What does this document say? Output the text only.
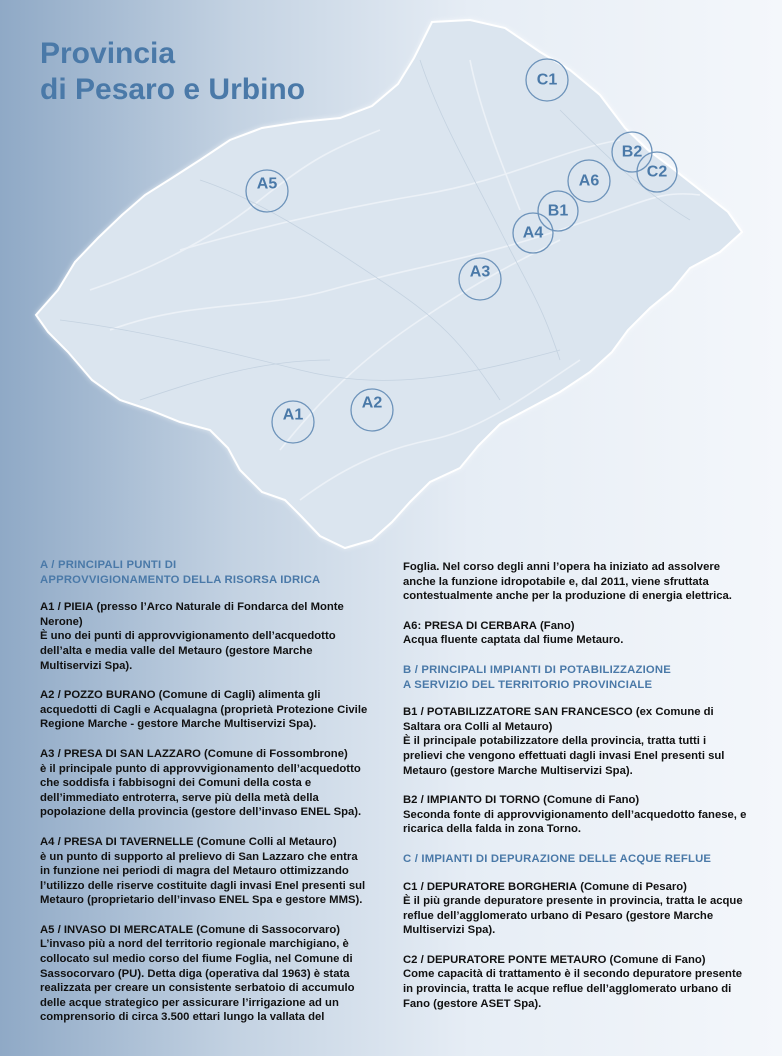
C1
B2
C2
A6
B1
A4
A5
A3
A1
A2
Provincia
di Pesaro e Urbino
A / PRINCIPALI PUNTI DI
APPROVVIGIONAMENTO DELLA RISORSA IDRICA

A1 / PIEIA (presso l’Arco Naturale di Fondarca del Monte Nerone)

È uno dei punti di approvvigionamento dell’acquedotto dell’alta e media valle del Metauro (gestore Marche Multiservizi Spa).

A2 / POZZO BURANO (Comune di Cagli) alimenta gli acquedotti di Cagli e Acqualagna (proprietà Protezione Civile Regione Marche - gestore Marche Multiservizi Spa).

A3 / PRESA DI SAN LAZZARO (Comune di Fossombrone)

è il principale punto di approvvigionamento dell’acquedotto che soddisfa i fabbisogni dei Comuni della costa e dell’immediato entroterra, serve più della metà della popolazione della provincia (gestore dell’invaso ENEL Spa).

A4 / PRESA DI TAVERNELLE (Comune Colli al Metauro)

è un punto di supporto al prelievo di San Lazzaro che entra in funzione nei periodi di magra del Metauro ottimizzando l’utilizzo delle riserve costituite dagli invasi Enel presenti sul Metauro (proprietario dell’invaso ENEL Spa e gestore MMS).

A5 / INVASO DI MERCATALE (Comune di Sassocorvaro)

L’invaso più a nord del territorio regionale marchigiano, è collocato sul medio corso del fiume Foglia, nel Comune di Sassocorvaro (PU). Detta diga (operativa dal 1963) è stata realizzata per creare un consistente serbatoio di accumulo delle acque strategico per assicurare l’irrigazione ad un comprensorio di circa 3.500 ettari lungo la vallata del

Foglia. Nel corso degli anni l’opera ha iniziato ad assolvere anche la funzione idropotabile e, dal 2011, viene sfruttata contestualmente anche per la produzione di energia elettrica.

A6: PRESA DI CERBARA (Fano)

Acqua fluente captata dal fiume Metauro.

B / PRINCIPALI IMPIANTI DI POTABILIZZAZIONE
A SERVIZIO DEL TERRITORIO PROVINCIALE

B1 / POTABILIZZATORE SAN FRANCESCO (ex Comune di Saltara ora Colli al Metauro)

È il principale potabilizzatore della provincia, tratta tutti i prelievi che vengono effettuati dagli invasi Enel presenti sul Metauro (gestore Marche Multiservizi Spa).

B2 / IMPIANTO DI TORNO (Comune di Fano)

Seconda fonte di approvvigionamento dell’acquedotto fanese, e ricarica della falda in zona Torno.

C / IMPIANTI DI DEPURAZIONE DELLE ACQUE REFLUE

C1 / DEPURATORE BORGHERIA (Comune di Pesaro)

È il più grande depuratore presente in provincia, tratta le acque reflue dell’agglomerato urbano di Pesaro (gestore Marche Multiservizi Spa).

C2 / DEPURATORE PONTE METAURO (Comune di Fano)

Come capacità di trattamento è il secondo depuratore presente in provincia, tratta le acque reflue dell’agglomerato urbano di Fano (gestore ASET Spa).
